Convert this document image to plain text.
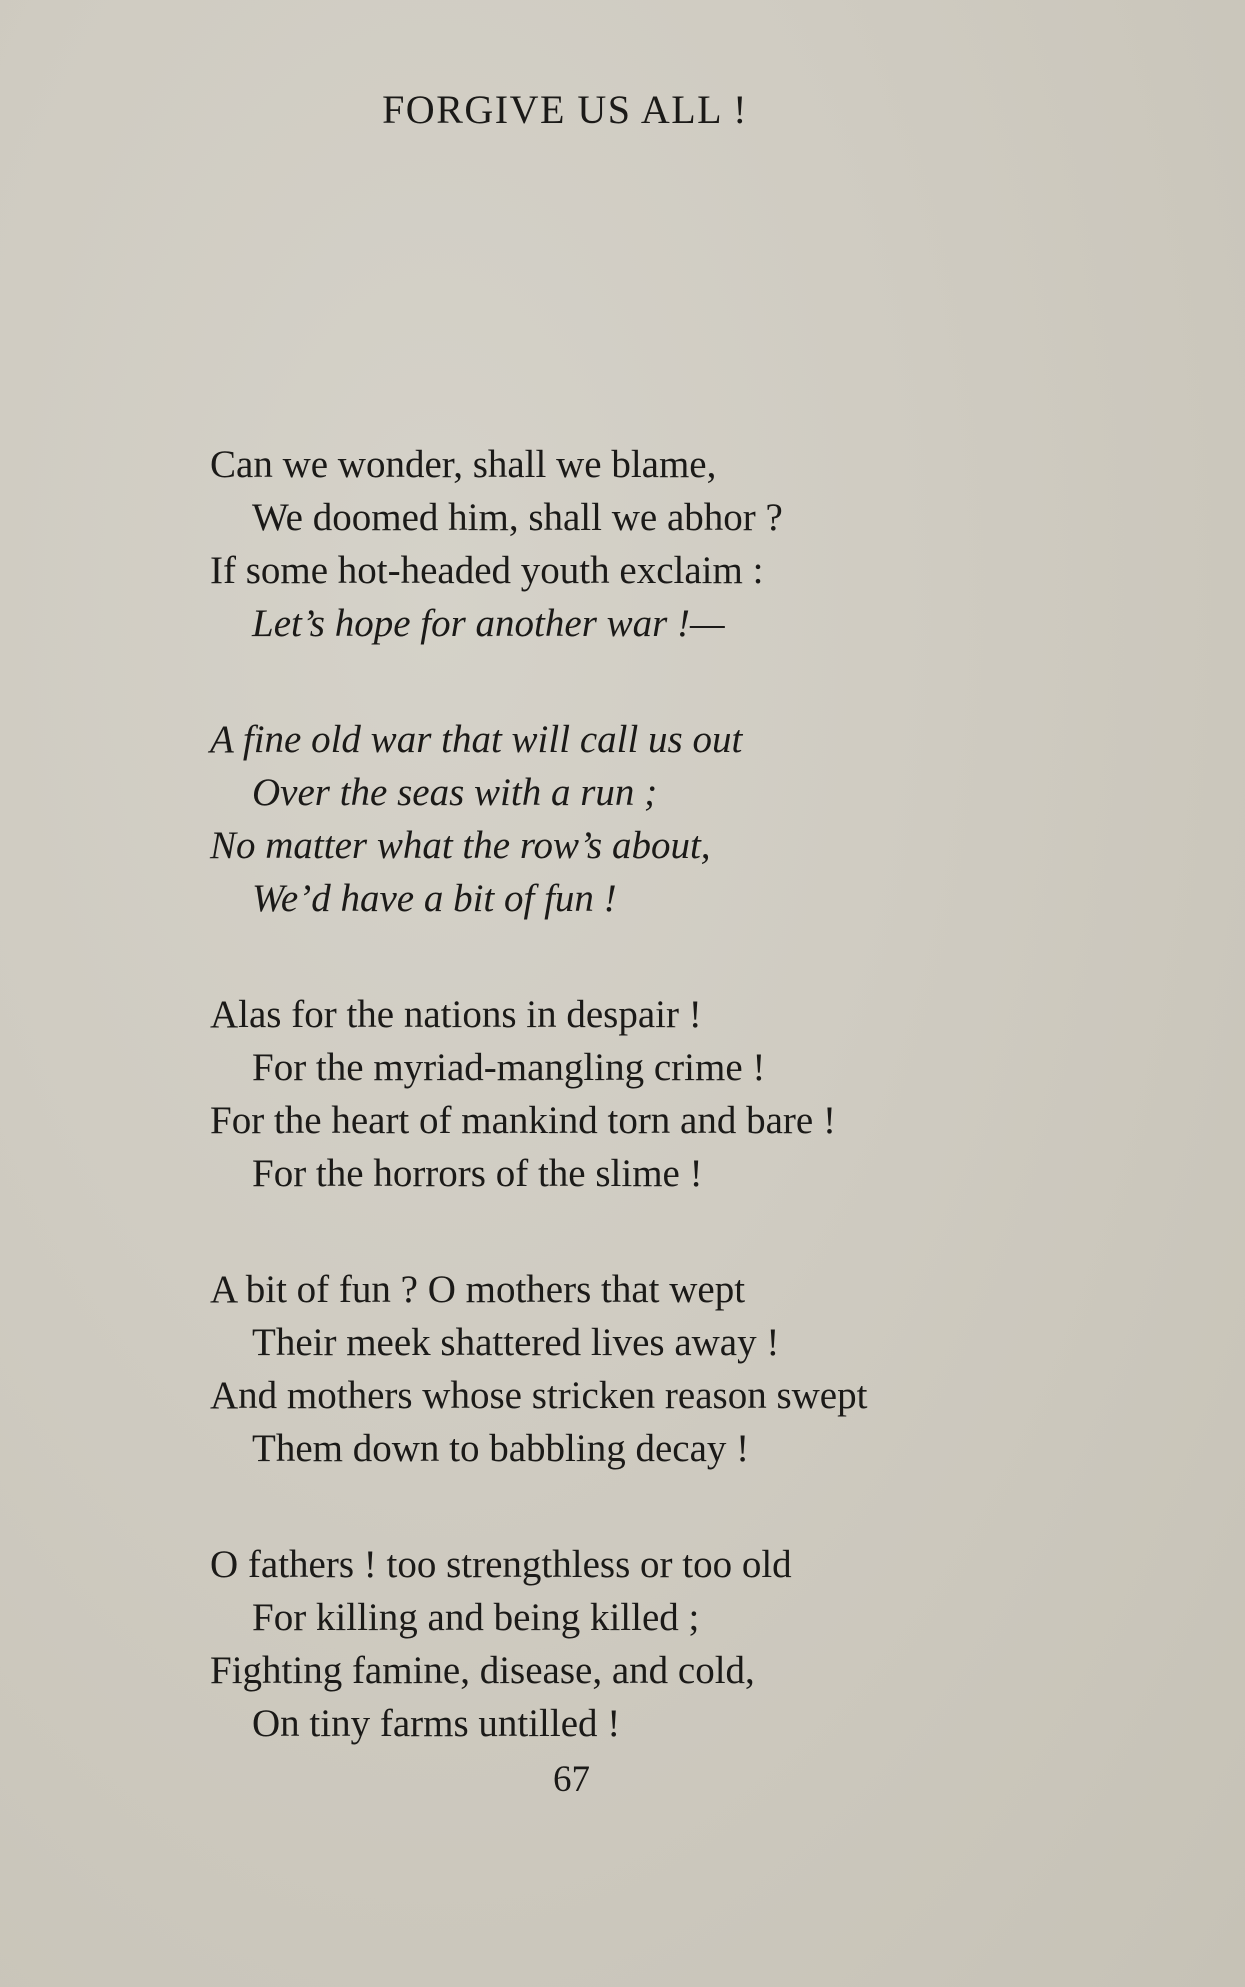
FORGIVE US ALL !
Can we wonder, shall we blame,
We doomed him, shall we abhor ?
If some hot-headed youth exclaim :
Let’s hope for another war !—
A fine old war that will call us out
Over the seas with a run ;
No matter what the row’s about,
We’d have a bit of fun !
Alas for the nations in despair !
For the myriad-mangling crime !
For the heart of mankind torn and bare !
For the horrors of the slime !
A bit of fun ? O mothers that wept
Their meek shattered lives away !
And mothers whose stricken reason swept
Them down to babbling decay !
O fathers ! too strengthless or too old
For killing and being killed ;
Fighting famine, disease, and cold,
On tiny farms untilled !
67
